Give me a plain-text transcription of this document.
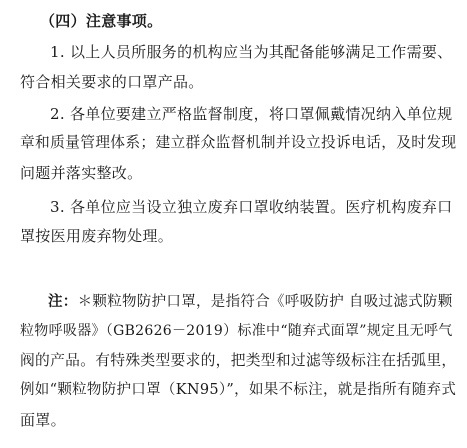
（四）注意事项。
1. 以上人员所服务的机构应当为其配备能够满足工作需要、
符合相关要求的口罩产品。
2. 各单位要建立严格监督制度，将口罩佩戴情况纳入单位规
章和质量管理体系；建立群众监督机制并设立投诉电话，及时发现
问题并落实整改。
3. 各单位应当设立独立废弃口罩收纳装置。医疗机构废弃口
罩按医用废弃物处理。
注：＊颗粒物防护口罩，是指符合《呼吸防护 自吸过滤式防颗
粒物呼吸器》（GB2626－2019）标准中“随弃式面罩”规定且无呼气
阀的产品。有特殊类型要求的，把类型和过滤等级标注在括弧里，
例如“颗粒物防护口罩（KN95）”，如果不标注，就是指所有随弃式
面罩。
